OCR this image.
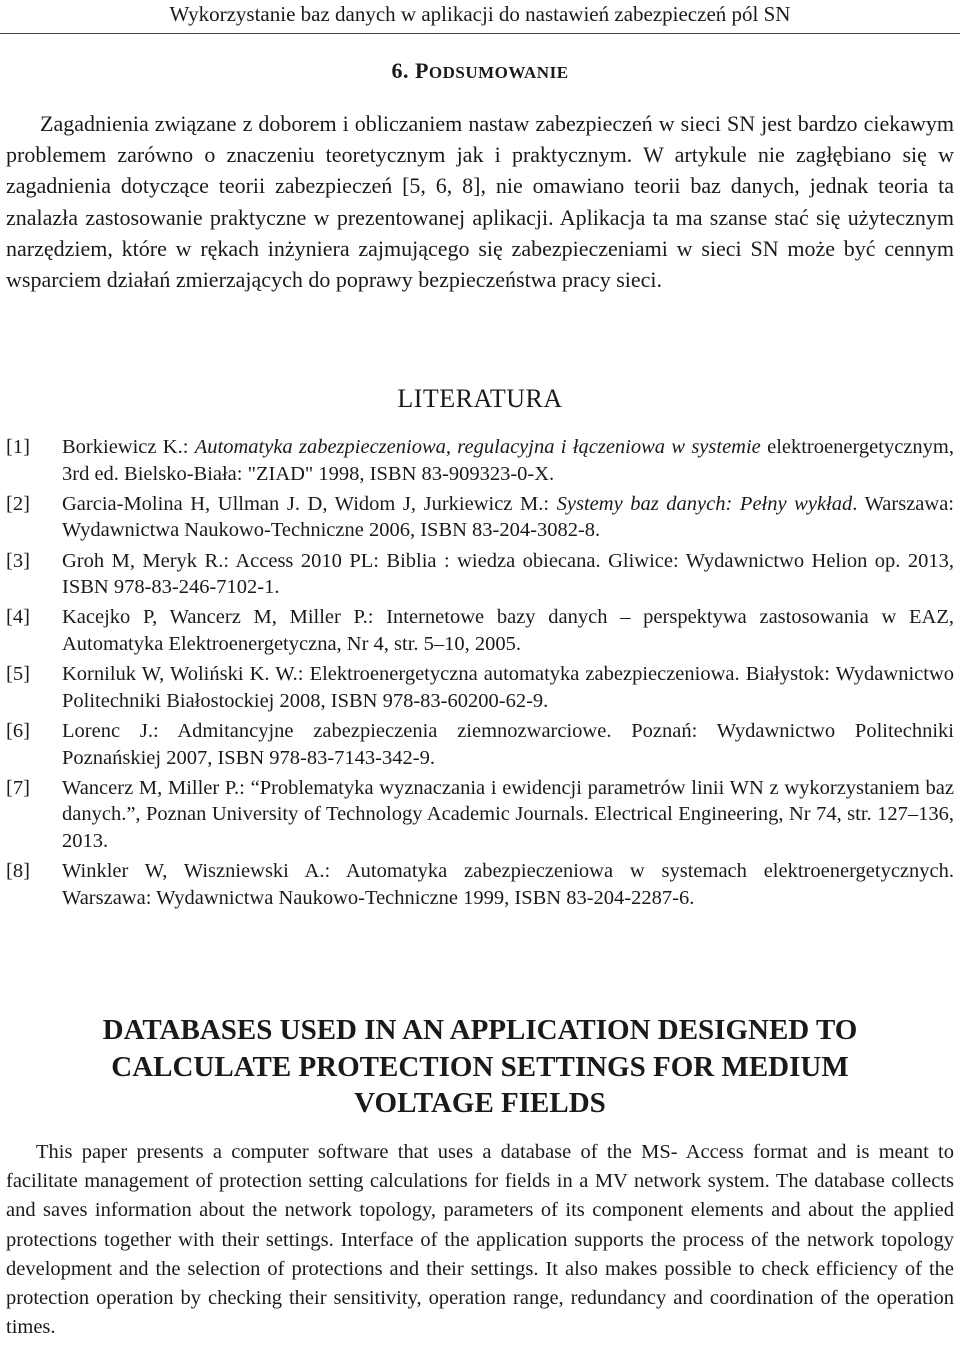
Wykorzystanie baz danych w aplikacji do nastawień zabezpieczeń pól SN
6. PODSUMOWANIE

Zagadnienia związane z doborem i obliczaniem nastaw zabezpieczeń w sieci SN jest bardzo ciekawym problemem zarówno o znaczeniu teoretycznym jak i praktycznym. W artykule nie zagłębiano się w zagadnienia dotyczące teorii zabezpieczeń [5, 6, 8], nie omawiano teorii baz danych, jednak teoria ta znalazła zastosowanie praktyczne w prezentowanej aplikacji. Aplikacja ta ma szanse stać się użytecznym narzędziem, które w rękach inżyniera zajmującego się zabezpieczeniami w sieci SN może być cennym wsparciem działań zmierzających do poprawy bezpieczeństwa pracy sieci.

LITERATURA
[1] Borkiewicz K.: Automatyka zabezpieczeniowa, regulacyjna i łączeniowa w systemie elektroenergetycznym, 3rd ed. Bielsko-Biała: "ZIAD" 1998, ISBN 83-909323-0-X.
[2] Garcia-Molina H, Ullman J. D, Widom J, Jurkiewicz M.: Systemy baz danych: Pełny wykład. Warszawa: Wydawnictwa Naukowo-Techniczne 2006, ISBN 83-204-3082-8.
[3] Groh M, Meryk R.: Access 2010 PL: Biblia : wiedza obiecana. Gliwice: Wydawnictwo Helion op. 2013, ISBN 978-83-246-7102-1.
[4] Kacejko P, Wancerz M, Miller P.: Internetowe bazy danych – perspektywa zastosowania w EAZ, Automatyka Elektroenergetyczna, Nr 4, str. 5–10, 2005.
[5] Korniluk W, Woliński K. W.: Elektroenergetyczna automatyka zabezpieczeniowa. Białystok: Wydawnictwo Politechniki Białostockiej 2008, ISBN 978-83-60200-62-9.
[6] Lorenc J.: Admitancyjne zabezpieczenia ziemnozwarciowe. Poznań: Wydawnictwo Politechniki Poznańskiej 2007, ISBN 978-83-7143-342-9.
[7] Wancerz M, Miller P.: “Problematyka wyznaczania i ewidencji parametrów linii WN z wykorzystaniem baz danych.”, Poznan University of Technology Academic Journals. Electrical Engineering, Nr 74, str. 127–136, 2013.
[8] Winkler W, Wiszniewski A.: Automatyka zabezpieczeniowa w systemach elektroenergetycznych. Warszawa: Wydawnictwa Naukowo-Techniczne 1999, ISBN 83-204-2287-6.
DATABASES USED IN AN APPLICATION DESIGNED TO
CALCULATE PROTECTION SETTINGS FOR MEDIUM
VOLTAGE FIELDS

This paper presents a computer software that uses a database of the MS- Access format and is meant to facilitate management of protection setting calculations for fields in a MV network system. The database collects and saves information about the network topology, parameters of its component elements and about the applied protections together with their settings. Interface of the application supports the process of the network topology development and the selection of protections and their settings. It also makes possible to check efficiency of the protection operation by checking their sensitivity, operation range, redundancy and coordination of the operation times.
